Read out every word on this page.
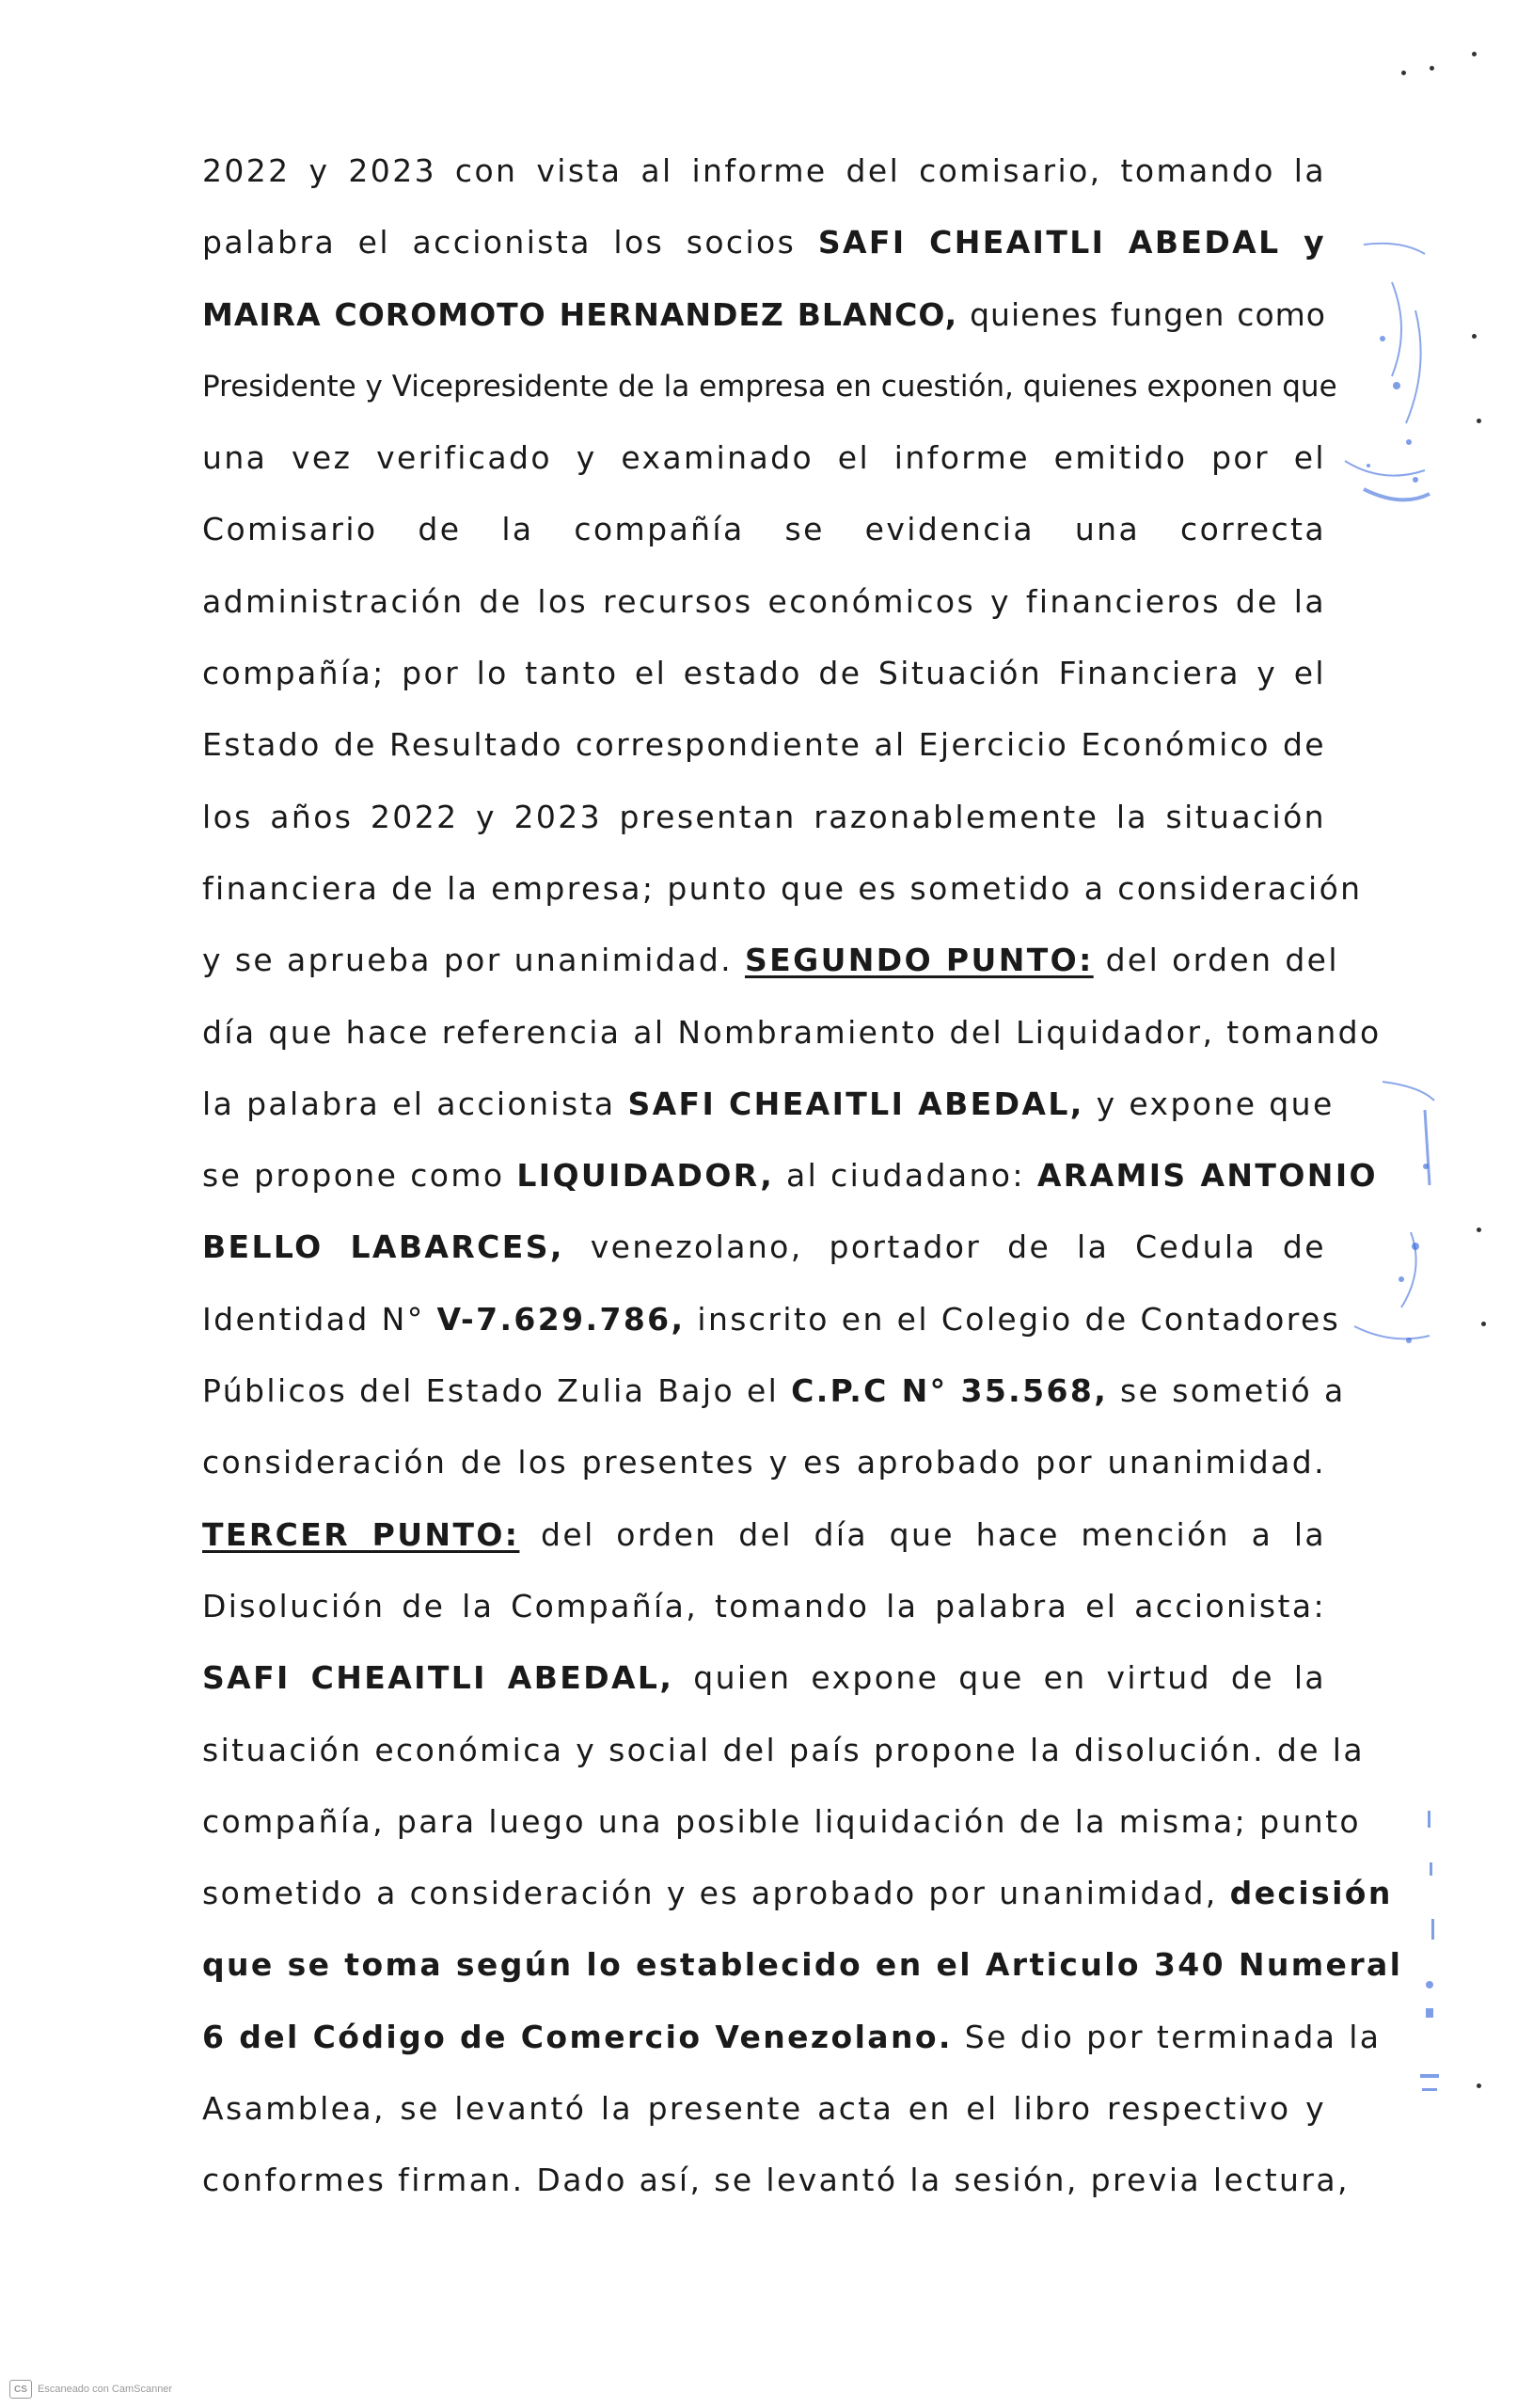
2022 y 2023 con vista al informe del comisario, tomando la
palabra el accionista los socios SAFI CHEAITLI ABEDAL y
MAIRA COROMOTO HERNANDEZ BLANCO, quienes fungen como
Presidente y Vicepresidente de la empresa en cuestión, quienes exponen que
una vez verificado y examinado el informe emitido por el
Comisario de la compañía se evidencia una correcta
administración de los recursos económicos y financieros de la
compañía; por lo tanto el estado de Situación Financiera y el
Estado de Resultado correspondiente al Ejercicio Económico de
los años 2022 y 2023 presentan razonablemente la situación
financiera de la empresa; punto que es sometido a consideración
y se aprueba por unanimidad. SEGUNDO PUNTO: del orden del
día que hace referencia al Nombramiento del Liquidador, tomando
la palabra el accionista SAFI CHEAITLI ABEDAL, y expone que
se propone como LIQUIDADOR, al ciudadano: ARAMIS ANTONIO
BELLO LABARCES, venezolano, portador de la Cedula de
Identidad N° V-7.629.786, inscrito en el Colegio de Contadores
Públicos del Estado Zulia Bajo el C.P.C N° 35.568, se sometió a
consideración de los presentes y es aprobado por unanimidad.
TERCER PUNTO: del orden del día que hace mención a la
Disolución de la Compañía, tomando la palabra el accionista:
SAFI CHEAITLI ABEDAL, quien expone que en virtud de la
situación económica y social del país propone la disolución. de la
compañía, para luego una posible liquidación de la misma; punto
sometido a consideración y es aprobado por unanimidad, decisión
que se toma según lo establecido en el Articulo 340 Numeral
6 del Código de Comercio Venezolano. Se dio por terminada la
Asamblea, se levantó la presente acta en el libro respectivo y
conformes firman. Dado así, se levantó la sesión, previa lectura,
CS	Escaneado con CamScanner
